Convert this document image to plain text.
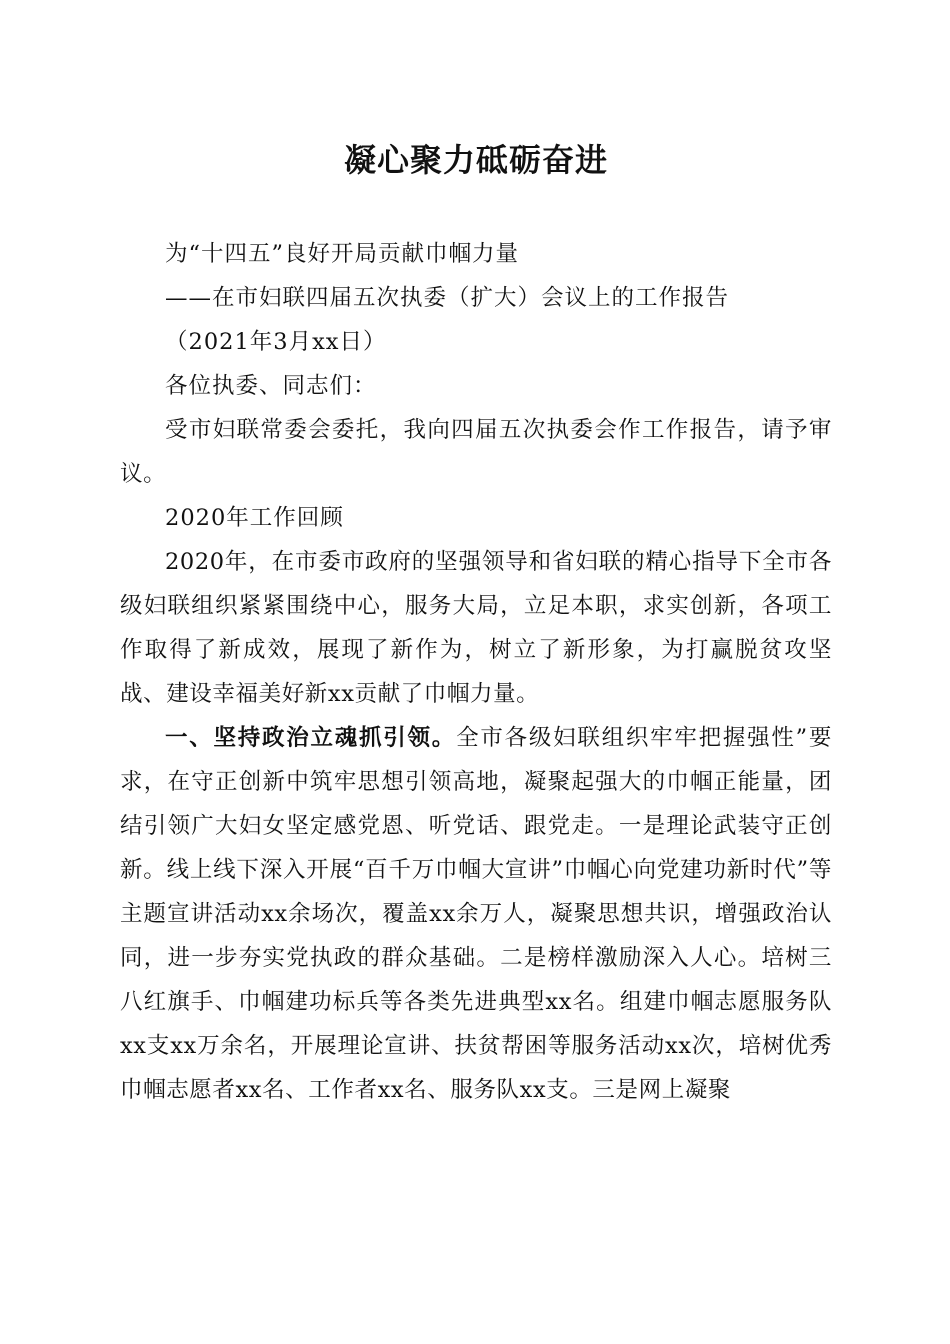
凝心聚力砥砺奋进

为“十四五”良好开局贡献巾帼力量

——在市妇联四届五次执委（扩大）会议上的工作报告

（2021年3月xx日）

各位执委、同志们：

受市妇联常委会委托，我向四届五次执委会作工作报告，请予审议。

2020年工作回顾

2020年，在市委市政府的坚强领导和省妇联的精心指导下全市各级妇联组织紧紧围绕中心，服务大局，立足本职，求实创新，各项工作取得了新成效，展现了新作为，树立了新形象，为打赢脱贫攻坚战、建设幸福美好新xx贡献了巾帼力量。

一、坚持政治立魂抓引领。全市各级妇联组织牢牢把握强性”要求，在守正创新中筑牢思想引领高地，凝聚起强大的巾帼正能量，团结引领广大妇女坚定感党恩、听党话、跟党走。一是理论武装守正创新。线上线下深入开展“百千万巾帼大宣讲”巾帼心向党建功新时代”等主题宣讲活动xx余场次，覆盖xx余万人，凝聚思想共识，增强政治认同，进一步夯实党执政的群众基础。二是榜样激励深入人心。培树三八红旗手、巾帼建功标兵等各类先进典型xx名。组建巾帼志愿服务队xx支xx万余名，开展理论宣讲、扶贫帮困等服务活动xx次，培树优秀巾帼志愿者xx名、工作者xx名、服务队xx支。三是网上凝聚
